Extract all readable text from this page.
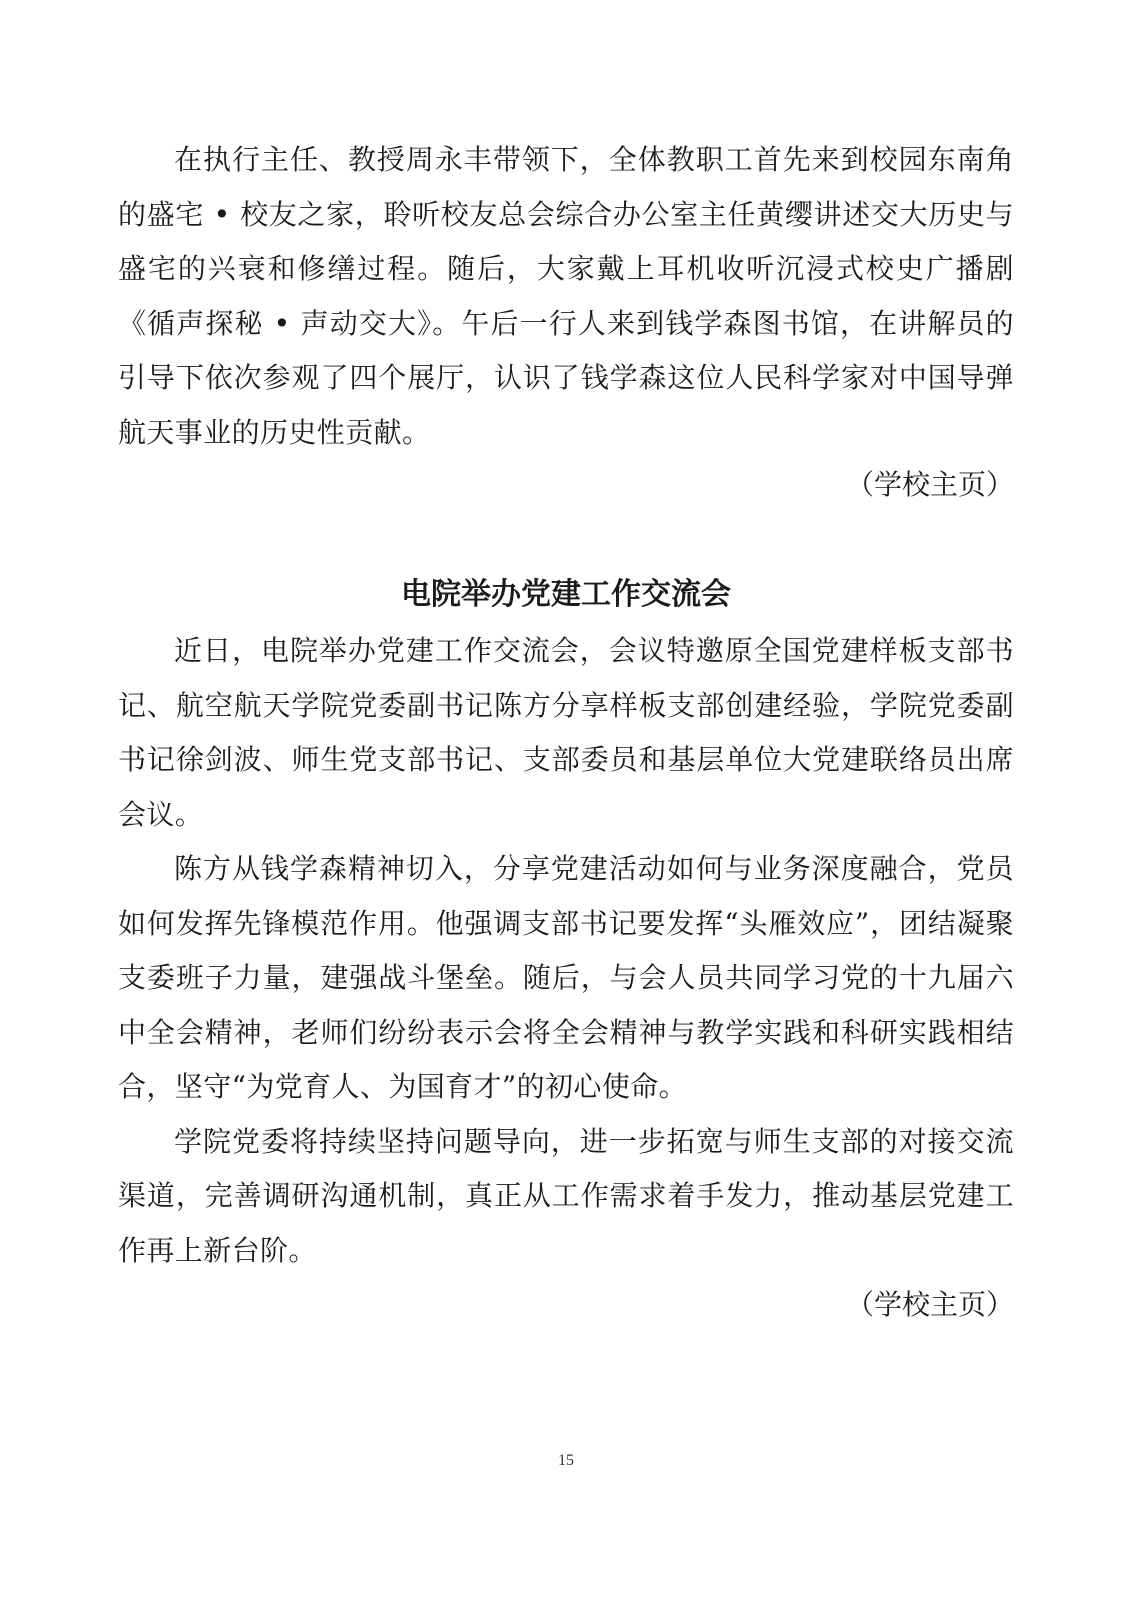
在执行主任、教授周永丰带领下，全体教职工首先来到校园东南角的盛宅 • 校友之家，聆听校友总会综合办公室主任黄缨讲述交大历史与盛宅的兴衰和修缮过程。随后，大家戴上耳机收听沉浸式校史广播剧《循声探秘 • 声动交大》。午后一行人来到钱学森图书馆，在讲解员的引导下依次参观了四个展厅，认识了钱学森这位人民科学家对中国导弹航天事业的历史性贡献。

（学校主页）

电院举办党建工作交流会

近日，电院举办党建工作交流会，会议特邀原全国党建样板支部书记、航空航天学院党委副书记陈方分享样板支部创建经验，学院党委副书记徐剑波、师生党支部书记、支部委员和基层单位大党建联络员出席会议。

陈方从钱学森精神切入，分享党建活动如何与业务深度融合，党员如何发挥先锋模范作用。他强调支部书记要发挥“头雁效应”，团结凝聚支委班子力量，建强战斗堡垒。随后，与会人员共同学习党的十九届六中全会精神，老师们纷纷表示会将全会精神与教学实践和科研实践相结合，坚守“为党育人、为国育才”的初心使命。

学院党委将持续坚持问题导向，进一步拓宽与师生支部的对接交流渠道，完善调研沟通机制，真正从工作需求着手发力，推动基层党建工作再上新台阶。

（学校主页）

15
